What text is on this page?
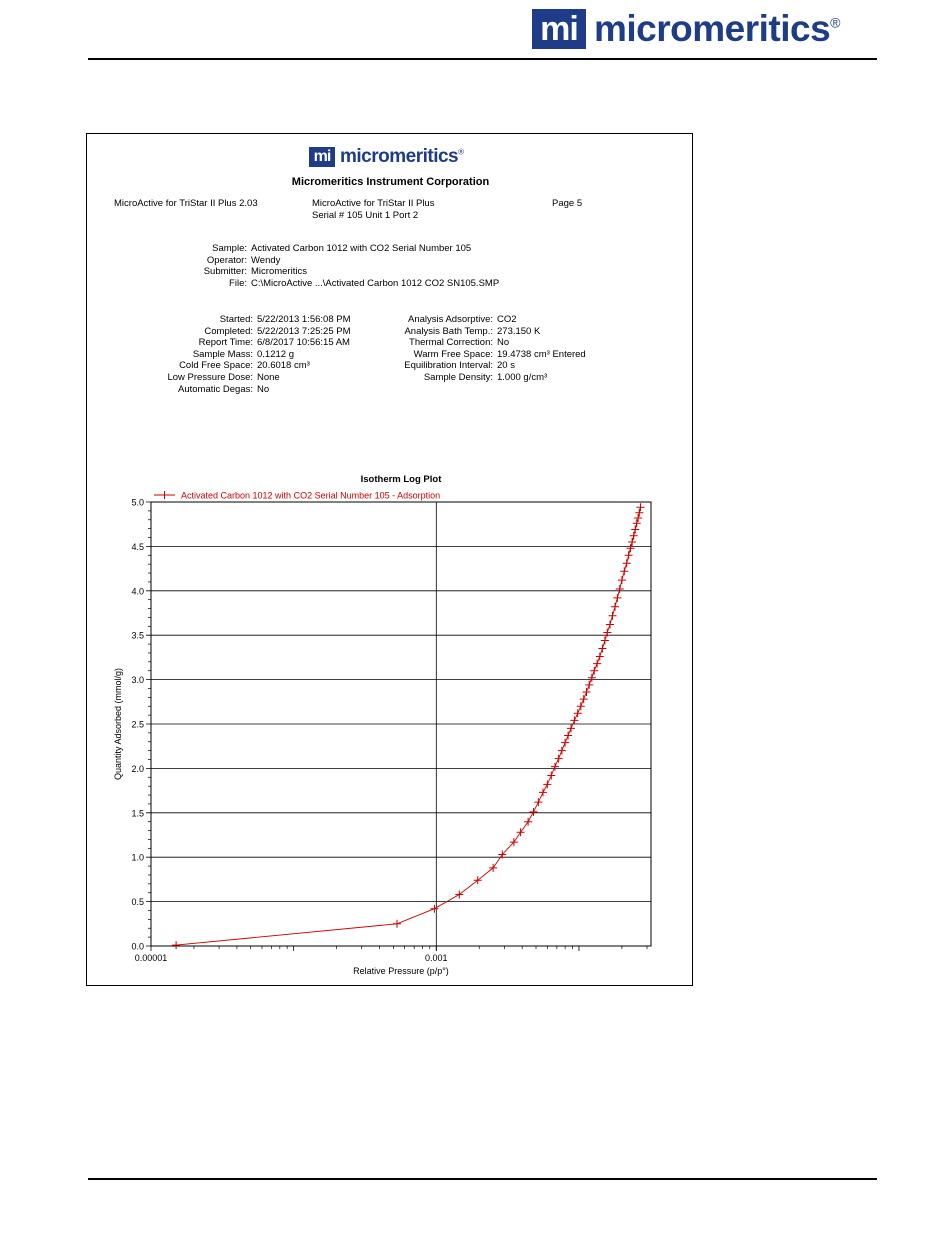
mi micromeritics®
mi micromeritics®
Micromeritics Instrument Corporation
MicroActive for TriStar II Plus 2.03	MicroActive for TriStar II Plus
Serial # 105 Unit 1 Port 2
Page 5
Sample: Activated Carbon 1012 with CO2 Serial Number 105
Operator: Wendy
Submitter: Micromeritics
File: C:\MicroActive ...\Activated Carbon 1012 CO2 SN105.SMP
Started: 5/22/2013 1:56:08 PM
Completed: 5/22/2013 7:25:25 PM
Report Time: 6/8/2017 10:56:15 AM
Sample Mass: 0.1212 g
Cold Free Space: 20.6018 cm³
Low Pressure Dose: None
Automatic Degas: No
Analysis Adsorptive: CO2
Analysis Bath Temp.: 273.150 K
Thermal Correction: No
Warm Free Space: 19.4738 cm³ Entered
Equilibration Interval: 20 s
Sample Density: 1.000 g/cm³
Isotherm Log Plot
Activated Carbon 1012 with CO2 Serial Number 105 - Adsorption
0.0
0.5
1.0
1.5
2.0
2.5
3.0
3.5
4.0
4.5
5.0
0.00001	0.001
Relative Pressure (p/p°)
Quantity Adsorbed (mmol/g)
